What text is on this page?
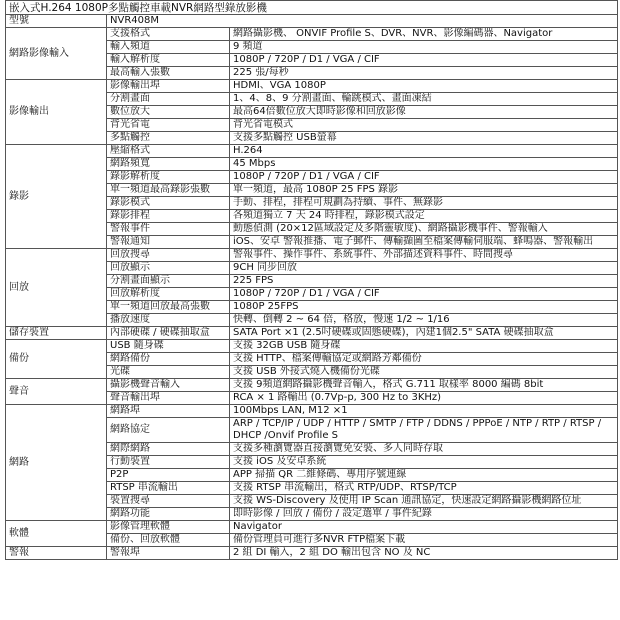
嵌入式H.264 1080P多點觸控車載NVR網路型錄放影機		
型號	NVR408M	
網路影像輸入	支援格式	網路攝影機、 ONVIF Profile S、DVR、NVR、影像編碼器、Navigator
	輸入頻道	9 頻道
	輸入解析度	1080P / 720P / D1 / VGA / CIF
	最高輸入張數	225 張/每秒
影像輸出	影像輸出埠	HDMI、VGA 1080P
	分割畫面	1、4、8、9 分割畫面、輪跳模式、畫面凍結
	數位放大	最高64倍數位放大即時影像和回放影像
	背光省電	背光省電模式
	多點觸控	支援多點觸控 USB螢幕
錄影	壓縮格式	H.264
	網路頻寬	45 Mbps
	錄影解析度	1080P / 720P / D1 / VGA / CIF
	單一頻道最高錄影張數	單一頻道，最高 1080P 25 FPS 錄影
	錄影模式	手動、排程，排程可規劃為持續、事件、無錄影
	錄影排程	各頻道獨立 7 天 24 時排程，錄影模式設定
	警報事件	動態偵測 (20×12區域設定及多階靈敏度)、網路攝影機事件、警報輸入
	警報通知	iOS、安卓 警報推播、電子郵件、傳輸擷圖至檔案傳輸伺服端、蜂鳴器、警報輸出
回放	回放搜尋	警報事件、操作事件、系統事件、外部描述資料事件、時間搜尋
	回放顯示	9CH 同步回放
	分割畫面顯示	225 FPS
	回放解析度	1080P / 720P / D1 / VGA / CIF
	單一頻道回放最高張數	1080P 25FPS
	播放速度	快轉、倒轉 2 ~ 64 倍，格放，慢速 1/2 ~ 1/16
儲存裝置	內部硬碟 / 硬碟抽取盒	SATA Port ×1 (2.5吋硬碟或固態硬碟)，內建1個2.5" SATA 硬碟抽取盒
備份	USB 隨身碟	支援 32GB USB 隨身碟
	網路備份	支援 HTTP、檔案傳輸協定或網路芳鄰備份
	光碟	支援 USB 外接式燒入機備份光碟
聲音	攝影機聲音輸入	支援 9頻道網路攝影機聲音輸入，格式 G.711 取樣率 8000 編碼 8bit
	聲音輸出埠	RCA × 1 路輸出 (0.7Vp-p, 300 Hz to 3KHz)
網路	網路埠	100Mbps LAN, M12 ×1
	網路協定	ARP / TCP/IP / UDP / HTTP / SMTP / FTP / DDNS / PPPoE / NTP / RTP / RTSP / DHCP /Onvif Profile S
	網際網路	支援多種瀏覽器直接瀏覽免安裝、多人同時存取
	行動裝置	支援 iOS 及安卓系統
	P2P	APP 掃描 QR 二維條碼、專用序號連線
	RTSP 串流輸出	支援 RTSP 串流輸出，格式 RTP/UDP、RTSP/TCP
	裝置搜尋	支援 WS-Discovery 及使用 IP Scan 通訊協定，快速設定網路攝影機網路位址
	網路功能	即時影像 / 回放 / 備份 / 設定選單 / 事件紀錄
軟體	影像管理軟體	Navigator
	備份、回放軟體	備份管理員可進行多NVR FTP檔案下載
警報	警報埠	2 組 DI 輸入，2 組 DO 輸出包含 NO 及 NC
